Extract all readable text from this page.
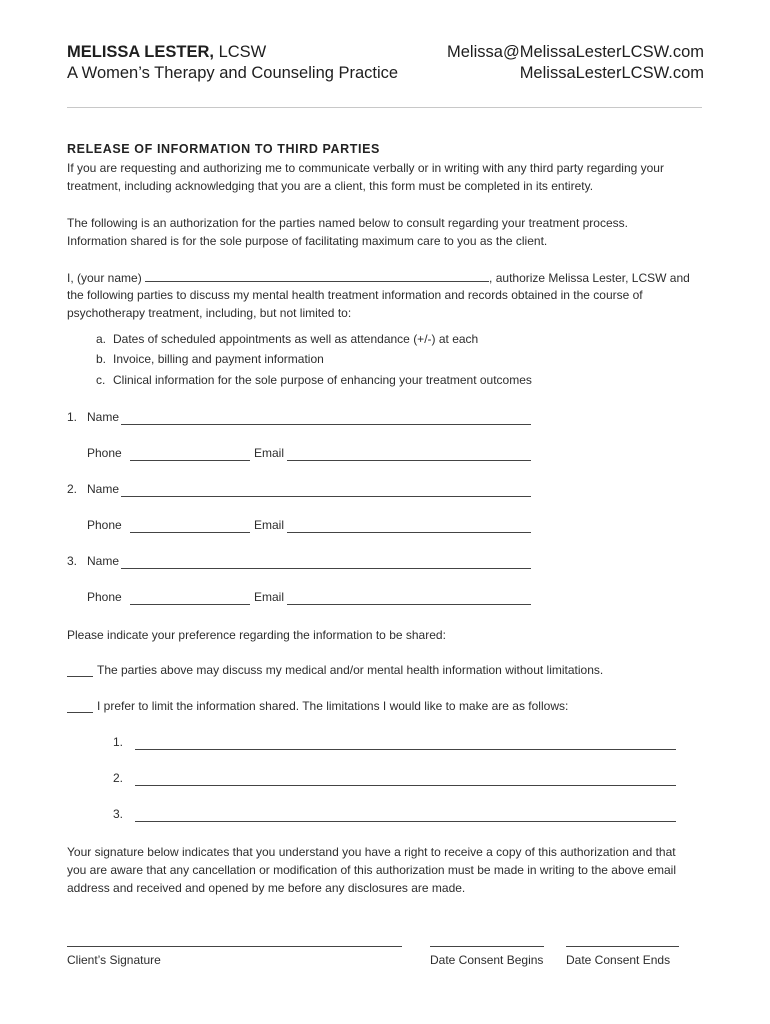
MELISSA LESTER, LCSW
A Women’s Therapy and Counseling Practice
Melissa@MelissaLesterLCSW.com
MelissaLesterLCSW.com
RELEASE OF INFORMATION TO THIRD PARTIES
If you are requesting and authorizing me to communicate verbally or in writing with any third party regarding your
treatment, including acknowledging that you are a client, this form must be completed in its entirety.
The following is an authorization for the parties named below to consult regarding your treatment process.
Information shared is for the sole purpose of facilitating maximum care to you as the client.
I, (your name)	, authorize Melissa Lester, LCSW and
the following parties to discuss my mental health treatment information and records obtained in the course of
psychotherapy treatment, including, but not limited to:
a. Dates of scheduled appointments as well as attendance (+/-) at each
b. Invoice, billing and payment information
c. Clinical information for the sole purpose of enhancing your treatment outcomes
1. Name
Phone	Email
2. Name
Phone	Email
3. Name
Phone	Email
Please indicate your preference regarding the information to be shared:
The parties above may discuss my medical and/or mental health information without limitations.
I prefer to limit the information shared. The limitations I would like to make are as follows:
1.
2.
3.
Your signature below indicates that you understand you have a right to receive a copy of this authorization and that
you are aware that any cancellation or modification of this authorization must be made in writing to the above email
address and received and opened by me before any disclosures are made.
Client’s Signature	Date Consent Begins Date Consent Ends
